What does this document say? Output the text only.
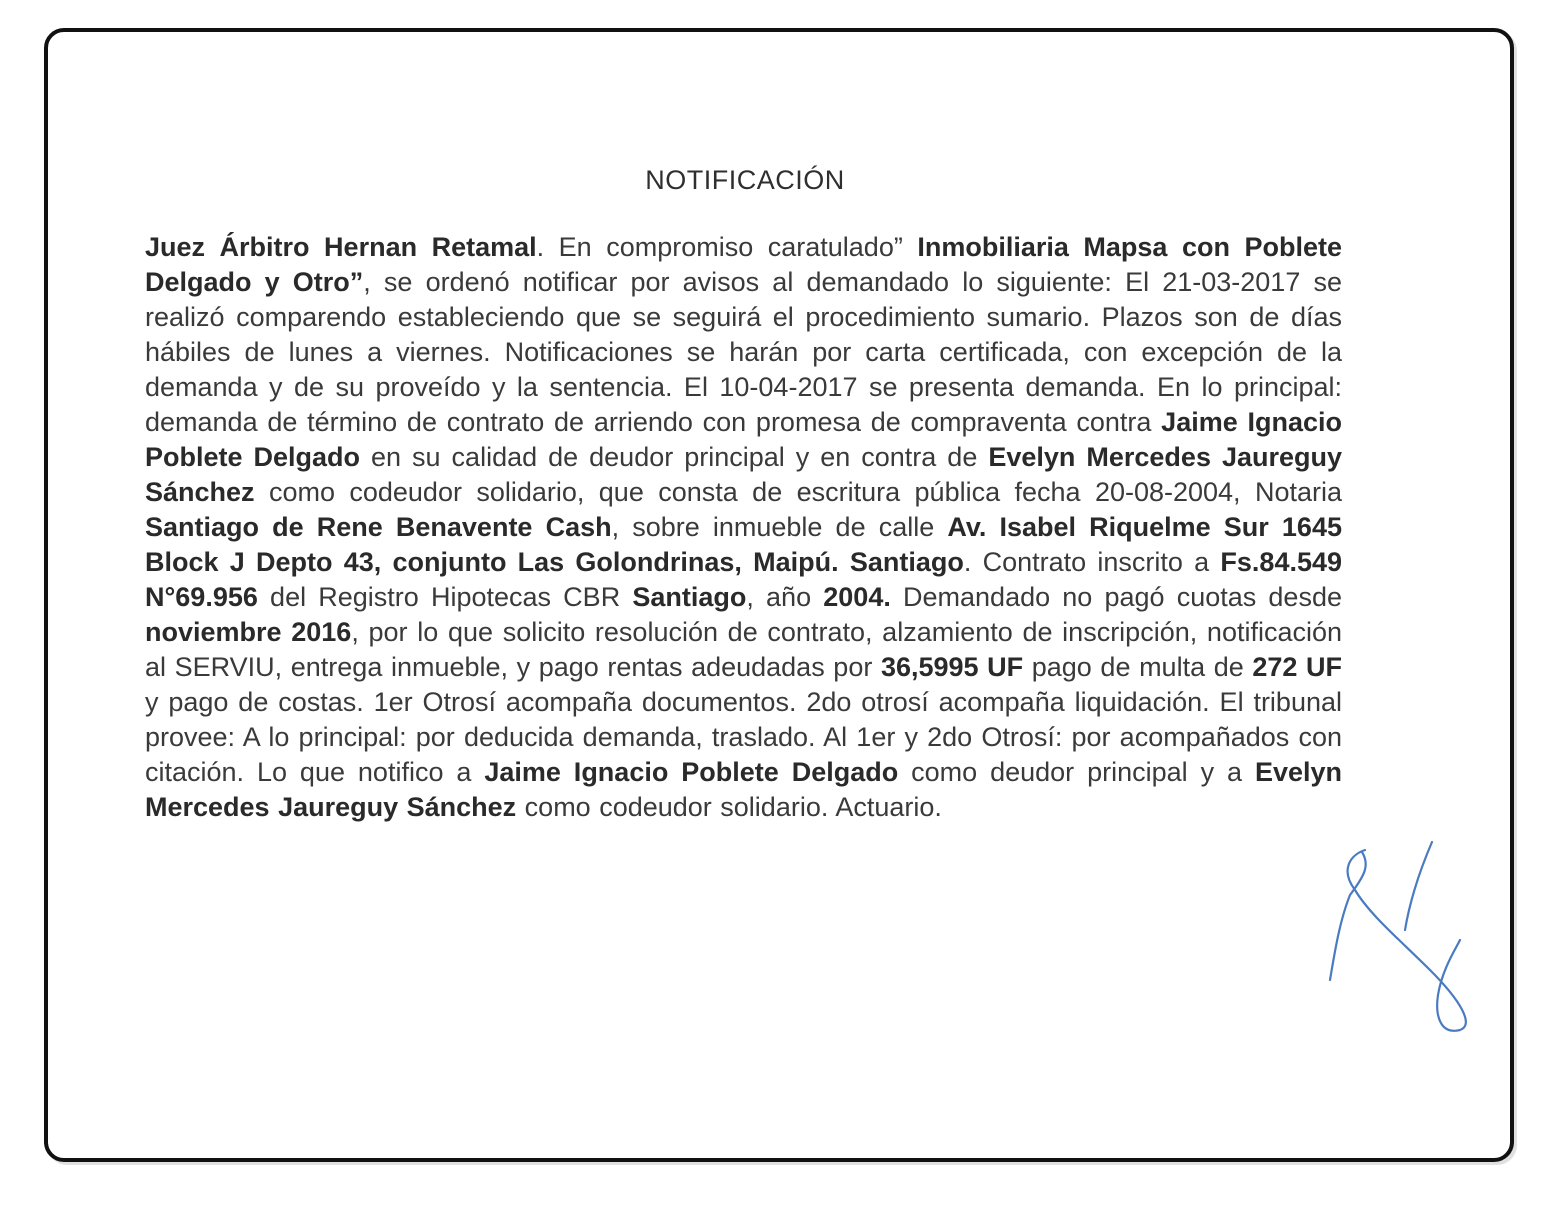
NOTIFICACIÓN
Juez Árbitro Hernan Retamal. En compromiso caratulado” Inmobiliaria Mapsa con Poblete Delgado y Otro”, se ordenó notificar por avisos al demandado lo siguiente: El 21-03-2017 se realizó comparendo estableciendo que se seguirá el procedimiento sumario. Plazos son de días hábiles de lunes a viernes. Notificaciones se harán por carta certificada, con excepción de la demanda y de su proveído y la sentencia. El 10-04-2017 se presenta demanda. En lo principal: demanda de término de contrato de arriendo con promesa de compraventa contra Jaime Ignacio Poblete Delgado en su calidad de deudor principal y en contra de Evelyn Mercedes Jaureguy Sánchez como codeudor solidario, que consta de escritura pública fecha 20-08-2004, Notaria Santiago de Rene Benavente Cash, sobre inmueble de calle Av. Isabel Riquelme Sur 1645 Block J Depto 43, conjunto Las Golondrinas, Maipú. Santiago. Contrato inscrito a Fs.84.549 N°69.956 del Registro Hipotecas CBR Santiago, año 2004. Demandado no pagó cuotas desde noviembre 2016, por lo que solicito resolución de contrato, alzamiento de inscripción, notificación al SERVIU, entrega inmueble, y pago rentas adeudadas por 36,5995 UF pago de multa de 272 UF y pago de costas. 1er Otrosí acompaña documentos. 2do otrosí acompaña liquidación. El tribunal provee: A lo principal: por deducida demanda, traslado. Al 1er y 2do Otrosí: por acompañados con citación. Lo que notifico a Jaime Ignacio Poblete Delgado como deudor principal y a Evelyn Mercedes Jaureguy Sánchez como codeudor solidario. Actuario.
